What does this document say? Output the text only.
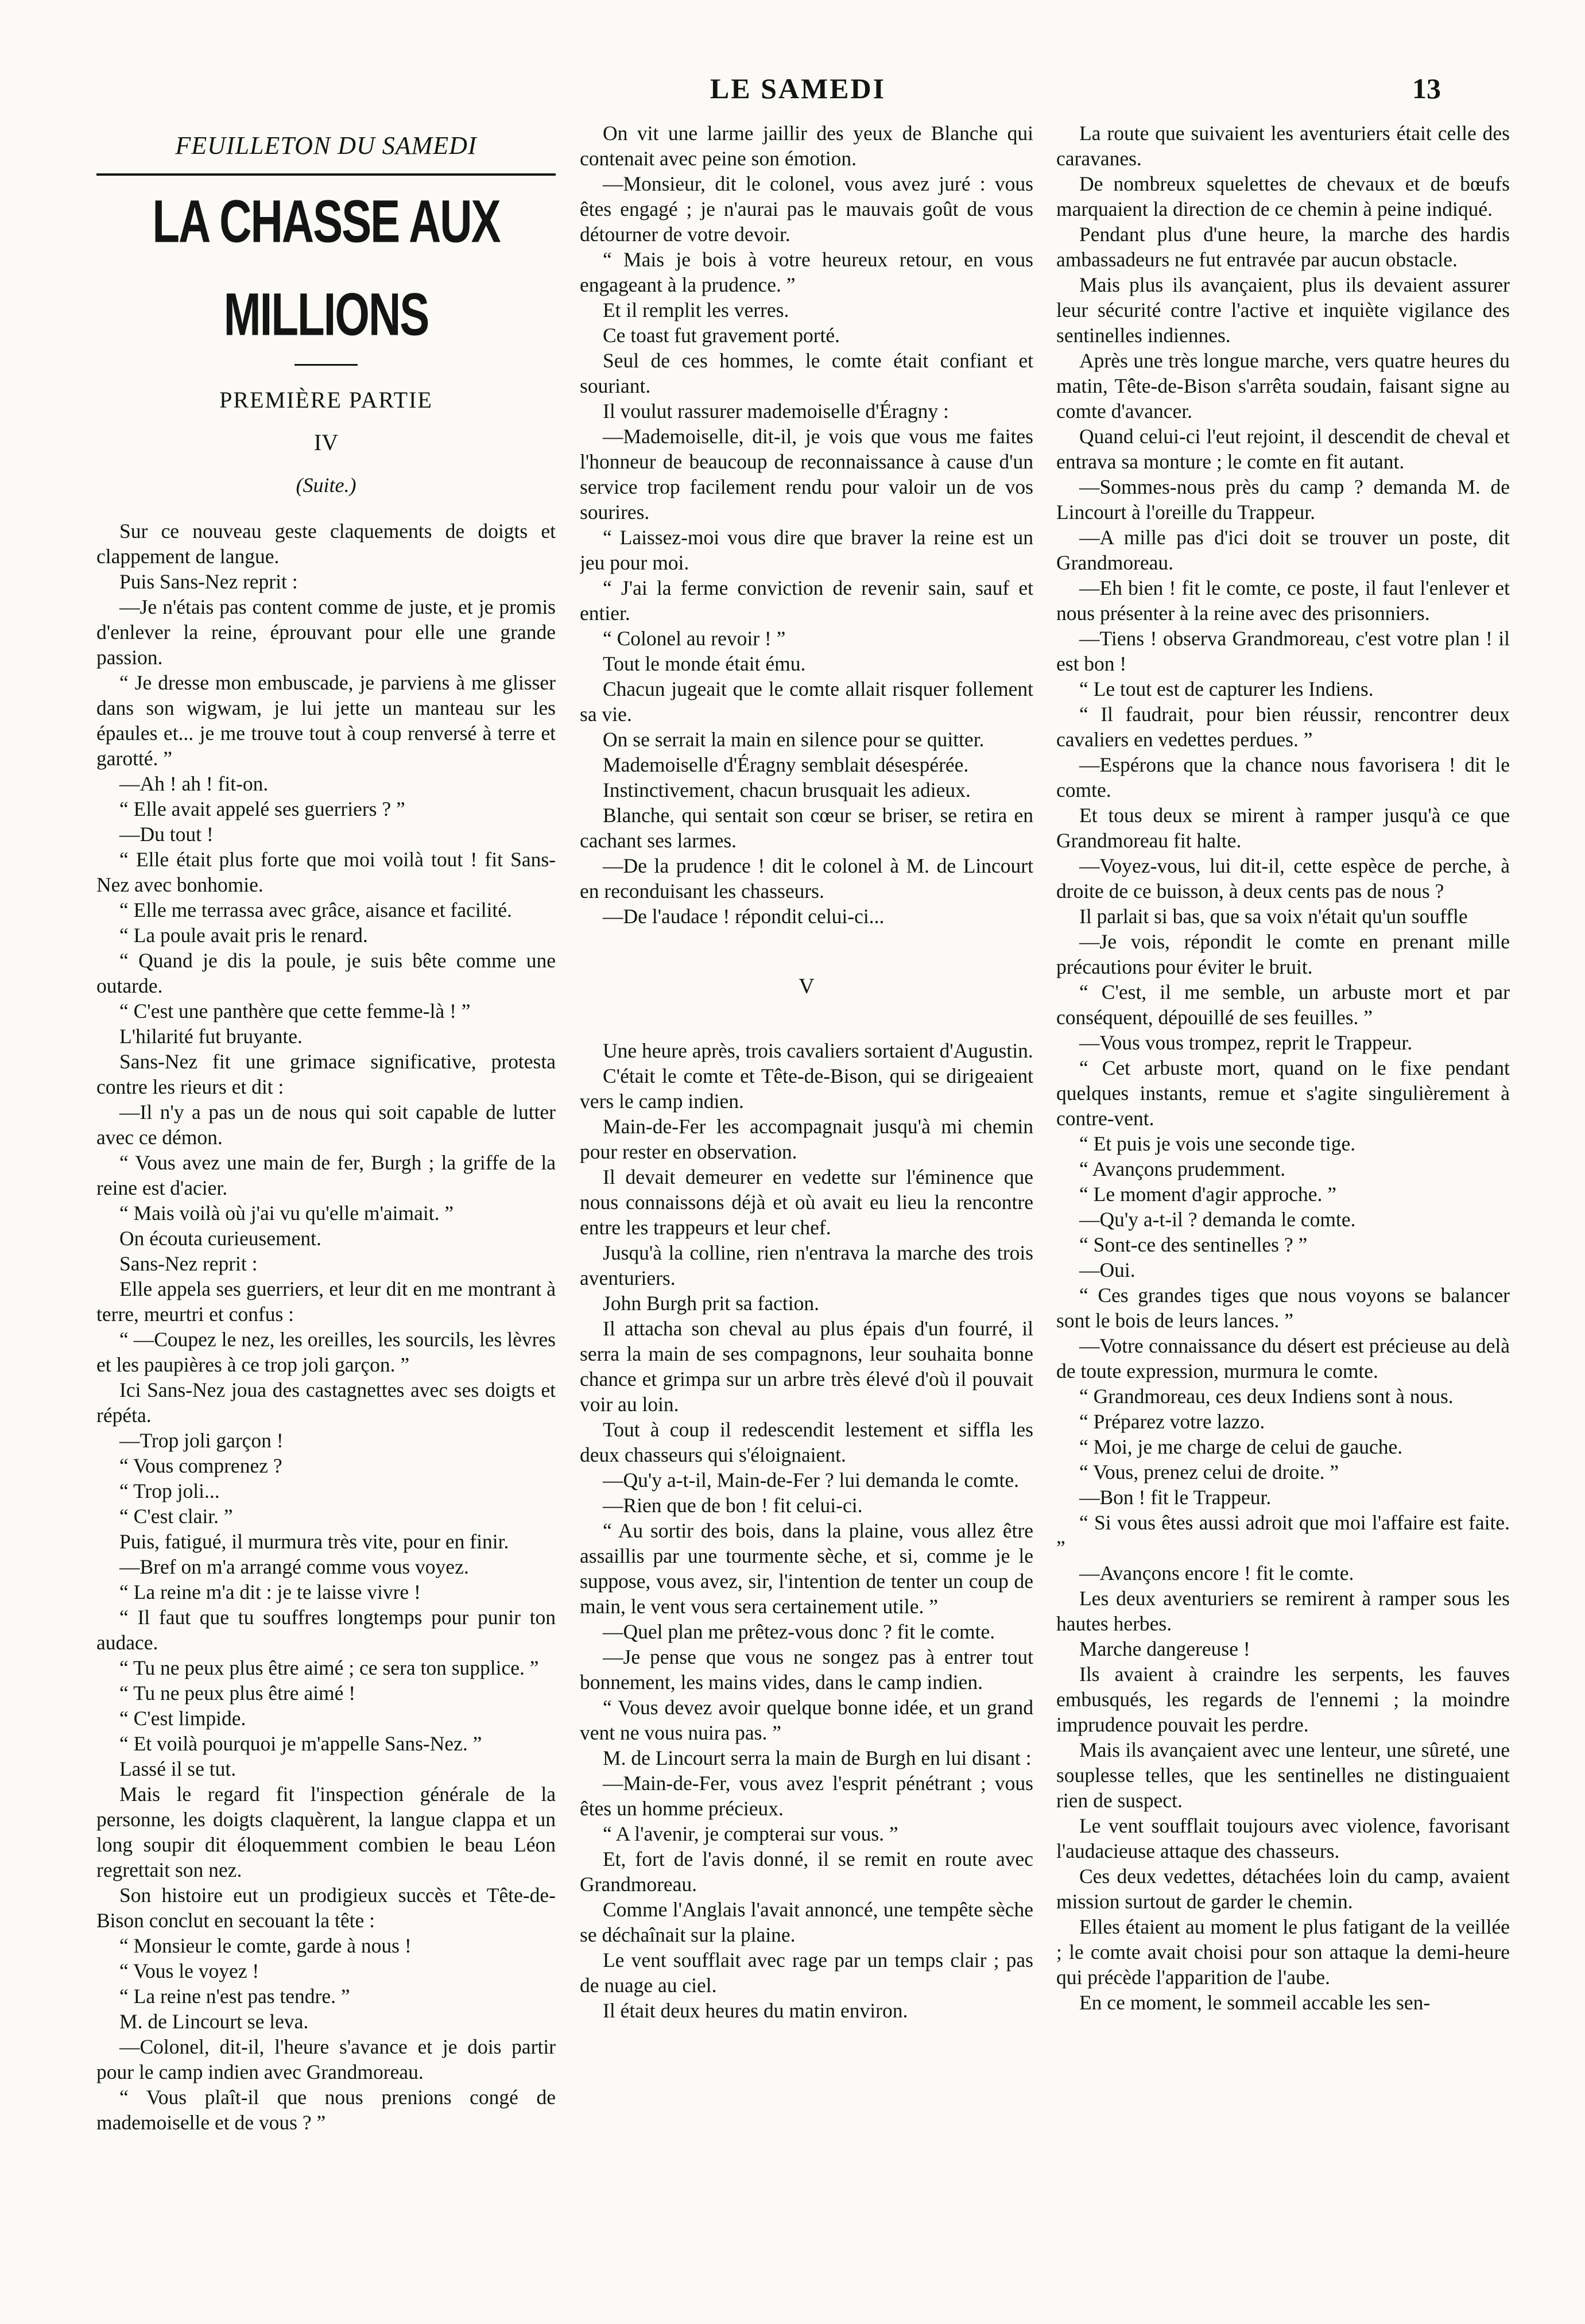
LE SAMEDI	13
FEUILLETON DU SAMEDI
LA CHASSE AUX MILLIONS
PREMIÈRE PARTIE
IV
(Suite.)

Sur ce nouveau geste claquements de doigts et clappement de langue.

Puis Sans-Nez reprit :

—Je n'étais pas content comme de juste, et je promis d'enlever la reine, éprouvant pour elle une grande passion.

“ Je dresse mon embuscade, je parviens à me glisser dans son wigwam, je lui jette un manteau sur les épaules et... je me trouve tout à coup renversé à terre et garotté. ”

—Ah ! ah ! fit-on.

“ Elle avait appelé ses guerriers ? ”

—Du tout !

“ Elle était plus forte que moi voilà tout ! fit Sans-Nez avec bonhomie.

“ Elle me terrassa avec grâce, aisance et facilité.

“ La poule avait pris le renard.

“ Quand je dis la poule, je suis bête comme une outarde.

“ C'est une panthère que cette femme-là ! ”

L'hilarité fut bruyante.

Sans-Nez fit une grimace significative, protesta contre les rieurs et dit :

—Il n'y a pas un de nous qui soit capable de lutter avec ce démon.

“ Vous avez une main de fer, Burgh ; la griffe de la reine est d'acier.

“ Mais voilà où j'ai vu qu'elle m'aimait. ”

On écouta curieusement.

Sans-Nez reprit :

Elle appela ses guerriers, et leur dit en me montrant à terre, meurtri et confus :

“ —Coupez le nez, les oreilles, les sourcils, les lèvres et les paupières à ce trop joli garçon. ”

Ici Sans-Nez joua des castagnettes avec ses doigts et répéta.

—Trop joli garçon !

“ Vous comprenez ?

“ Trop joli...

“ C'est clair. ”

Puis, fatigué, il murmura très vite, pour en finir.

—Bref on m'a arrangé comme vous voyez.

“ La reine m'a dit : je te laisse vivre !

“ Il faut que tu souffres longtemps pour punir ton audace.

“ Tu ne peux plus être aimé ; ce sera ton supplice. ”

“ Tu ne peux plus être aimé !

“ C'est limpide.

“ Et voilà pourquoi je m'appelle Sans-Nez. ”

Lassé il se tut.

Mais le regard fit l'inspection générale de la personne, les doigts claquèrent, la langue clappa et un long soupir dit éloquemment combien le beau Léon regrettait son nez.

Son histoire eut un prodigieux succès et Tête-de-Bison conclut en secouant la tête :

“ Monsieur le comte, garde à nous !

“ Vous le voyez !

“ La reine n'est pas tendre. ”

M. de Lincourt se leva.

—Colonel, dit-il, l'heure s'avance et je dois partir pour le camp indien avec Grandmoreau.

“ Vous plaît-il que nous prenions congé de mademoiselle et de vous ? ”

On vit une larme jaillir des yeux de Blanche qui contenait avec peine son émotion.

—Monsieur, dit le colonel, vous avez juré : vous êtes engagé ; je n'aurai pas le mauvais goût de vous détourner de votre devoir.

“ Mais je bois à votre heureux retour, en vous engageant à la prudence. ”

Et il remplit les verres.

Ce toast fut gravement porté.

Seul de ces hommes, le comte était confiant et souriant.

Il voulut rassurer mademoiselle d'Éragny :

—Mademoiselle, dit-il, je vois que vous me faites l'honneur de beaucoup de reconnaissance à cause d'un service trop facilement rendu pour valoir un de vos sourires.

“ Laissez-moi vous dire que braver la reine est un jeu pour moi.

“ J'ai la ferme conviction de revenir sain, sauf et entier.

“ Colonel au revoir ! ”

Tout le monde était ému.

Chacun jugeait que le comte allait risquer follement sa vie.

On se serrait la main en silence pour se quitter.

Mademoiselle d'Éragny semblait désespérée.

Instinctivement, chacun brusquait les adieux.

Blanche, qui sentait son cœur se briser, se retira en cachant ses larmes.

—De la prudence ! dit le colonel à M. de Lincourt en reconduisant les chasseurs.

—De l'audace ! répondit celui-ci...

V

Une heure après, trois cavaliers sortaient d'Augustin.

C'était le comte et Tête-de-Bison, qui se dirigeaient vers le camp indien.

Main-de-Fer les accompagnait jusqu'à mi chemin pour rester en observation.

Il devait demeurer en vedette sur l'éminence que nous connaissons déjà et où avait eu lieu la rencontre entre les trappeurs et leur chef.

Jusqu'à la colline, rien n'entrava la marche des trois aventuriers.

John Burgh prit sa faction.

Il attacha son cheval au plus épais d'un fourré, il serra la main de ses compagnons, leur souhaita bonne chance et grimpa sur un arbre très élevé d'où il pouvait voir au loin.

Tout à coup il redescendit lestement et siffla les deux chasseurs qui s'éloignaient.

—Qu'y a-t-il, Main-de-Fer ? lui demanda le comte.

—Rien que de bon ! fit celui-ci.

“ Au sortir des bois, dans la plaine, vous allez être assaillis par une tourmente sèche, et si, comme je le suppose, vous avez, sir, l'intention de tenter un coup de main, le vent vous sera certainement utile. ”

—Quel plan me prêtez-vous donc ? fit le comte.

—Je pense que vous ne songez pas à entrer tout bonnement, les mains vides, dans le camp indien.

“ Vous devez avoir quelque bonne idée, et un grand vent ne vous nuira pas. ”

M. de Lincourt serra la main de Burgh en lui disant :

—Main-de-Fer, vous avez l'esprit pénétrant ; vous êtes un homme précieux.

“ A l'avenir, je compterai sur vous. ”

Et, fort de l'avis donné, il se remit en route avec Grandmoreau.

Comme l'Anglais l'avait annoncé, une tempête sèche se déchaînait sur la plaine.

Le vent soufflait avec rage par un temps clair ; pas de nuage au ciel.

Il était deux heures du matin environ.

La route que suivaient les aventuriers était celle des caravanes.

De nombreux squelettes de chevaux et de bœufs marquaient la direction de ce chemin à peine indiqué.

Pendant plus d'une heure, la marche des hardis ambassadeurs ne fut entravée par aucun obstacle.

Mais plus ils avançaient, plus ils devaient assurer leur sécurité contre l'active et inquiète vigilance des sentinelles indiennes.

Après une très longue marche, vers quatre heures du matin, Tête-de-Bison s'arrêta soudain, faisant signe au comte d'avancer.

Quand celui-ci l'eut rejoint, il descendit de cheval et entrava sa monture ; le comte en fit autant.

—Sommes-nous près du camp ? demanda M. de Lincourt à l'oreille du Trappeur.

—A mille pas d'ici doit se trouver un poste, dit Grandmoreau.

—Eh bien ! fit le comte, ce poste, il faut l'enlever et nous présenter à la reine avec des prisonniers.

—Tiens ! observa Grandmoreau, c'est votre plan ! il est bon !

“ Le tout est de capturer les Indiens.

“ Il faudrait, pour bien réussir, rencontrer deux cavaliers en vedettes perdues. ”

—Espérons que la chance nous favorisera ! dit le comte.

Et tous deux se mirent à ramper jusqu'à ce que Grandmoreau fit halte.

—Voyez-vous, lui dit-il, cette espèce de perche, à droite de ce buisson, à deux cents pas de nous ?

Il parlait si bas, que sa voix n'était qu'un souffle

—Je vois, répondit le comte en prenant mille précautions pour éviter le bruit.

“ C'est, il me semble, un arbuste mort et par conséquent, dépouillé de ses feuilles. ”

—Vous vous trompez, reprit le Trappeur.

“ Cet arbuste mort, quand on le fixe pendant quelques instants, remue et s'agite singulièrement à contre-vent.

“ Et puis je vois une seconde tige.

“ Avançons prudemment.

“ Le moment d'agir approche. ”

—Qu'y a-t-il ? demanda le comte.

“ Sont-ce des sentinelles ? ”

—Oui.

“ Ces grandes tiges que nous voyons se balancer sont le bois de leurs lances. ”

—Votre connaissance du désert est précieuse au delà de toute expression, murmura le comte.

“ Grandmoreau, ces deux Indiens sont à nous.

“ Préparez votre lazzo.

“ Moi, je me charge de celui de gauche.

“ Vous, prenez celui de droite. ”

—Bon ! fit le Trappeur.

“ Si vous êtes aussi adroit que moi l'affaire est faite. ”

—Avançons encore ! fit le comte.

Les deux aventuriers se remirent à ramper sous les hautes herbes.

Marche dangereuse !

Ils avaient à craindre les serpents, les fauves embusqués, les regards de l'ennemi ; la moindre imprudence pouvait les perdre.

Mais ils avançaient avec une lenteur, une sûreté, une souplesse telles, que les sentinelles ne distinguaient rien de suspect.

Le vent soufflait toujours avec violence, favorisant l'audacieuse attaque des chasseurs.

Ces deux vedettes, détachées loin du camp, avaient mission surtout de garder le chemin.

Elles étaient au moment le plus fatigant de la veillée ; le comte avait choisi pour son attaque la demi-heure qui précède l'apparition de l'aube.

En ce moment, le sommeil accable les sen-
